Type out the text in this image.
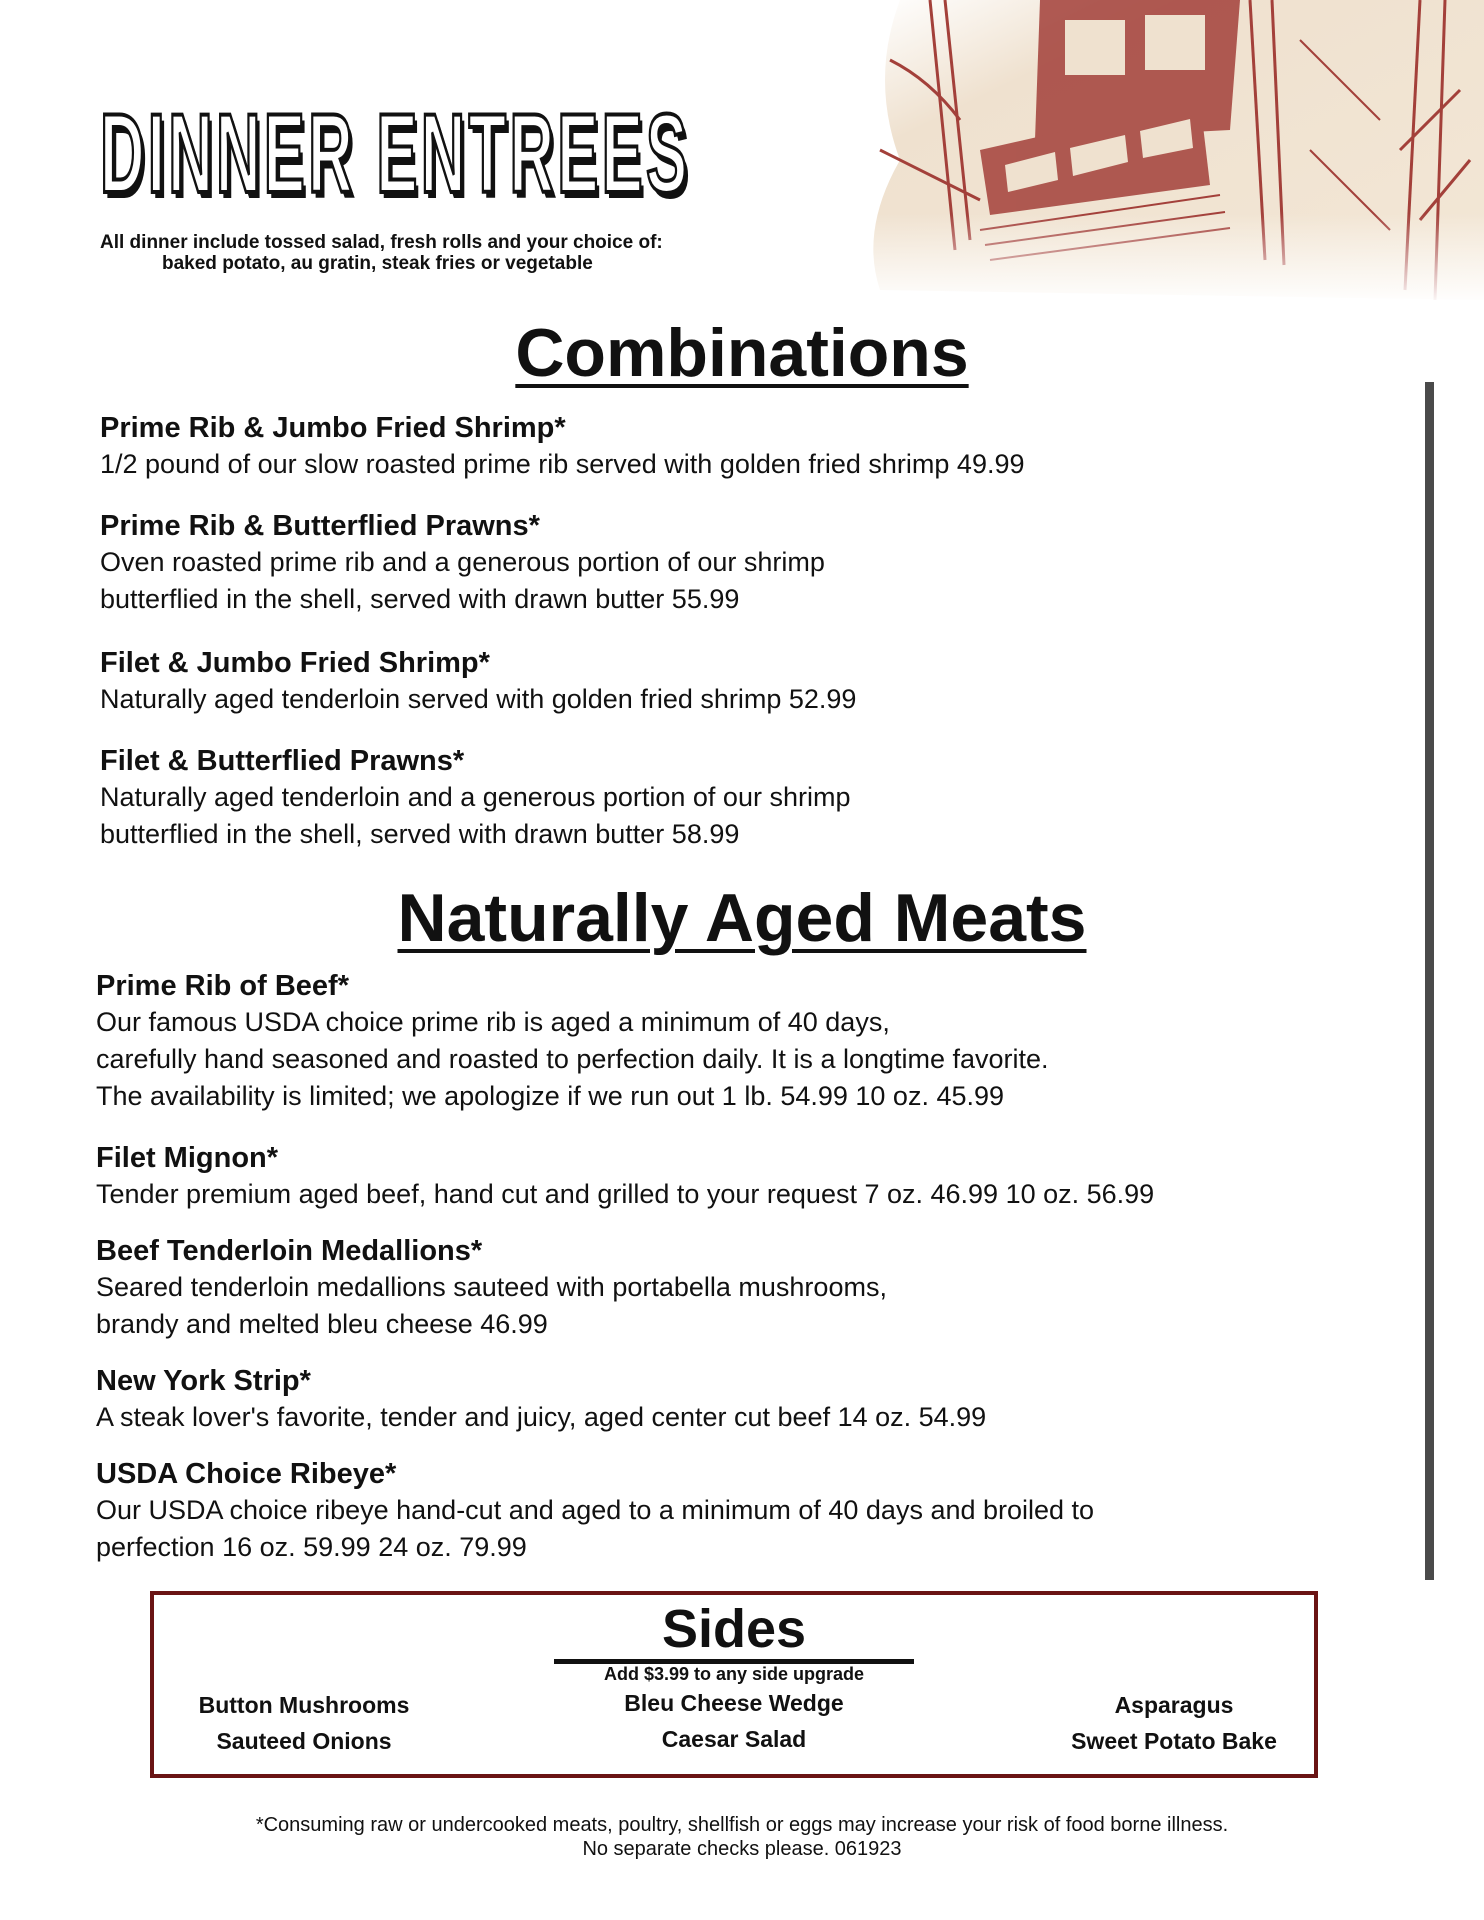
DINNER ENTREES
All dinner include tossed salad, fresh rolls and your choice of:
baked potato, au gratin, steak fries or vegetable
Combinations
Prime Rib & Jumbo Fried Shrimp*
1/2 pound of our slow roasted prime rib served with golden fried shrimp 49.99
Prime Rib & Butterflied Prawns*
Oven roasted prime rib and a generous portion of our shrimp
butterflied in the shell, served with drawn butter 55.99
Filet & Jumbo Fried Shrimp*
Naturally aged tenderloin served with golden fried shrimp 52.99
Filet & Butterflied Prawns*
Naturally aged tenderloin and a generous portion of our shrimp
butterflied in the shell, served with drawn butter 58.99
Naturally Aged Meats
Prime Rib of Beef*
Our famous USDA choice prime rib is aged a minimum of 40 days,
carefully hand seasoned and roasted to perfection daily. It is a longtime favorite.
The availability is limited; we apologize if we run out 1 lb. 54.99 10 oz. 45.99
Filet Mignon*
Tender premium aged beef, hand cut and grilled to your request 7 oz. 46.99 10 oz. 56.99
Beef Tenderloin Medallions*
Seared tenderloin medallions sauteed with portabella mushrooms,
brandy and melted bleu cheese 46.99
New York Strip*
A steak lover's favorite, tender and juicy, aged center cut beef 14 oz. 54.99
USDA Choice Ribeye*
Our USDA choice ribeye hand-cut and aged to a minimum of 40 days and broiled to
perfection 16 oz. 59.99 24 oz. 79.99
Sides
Add $3.99 to any side upgrade
Button Mushrooms
Sauteed Onions
Bleu Cheese Wedge
Caesar Salad
Asparagus
Sweet Potato Bake
*Consuming raw or undercooked meats, poultry, shellfish or eggs may increase your risk of food borne illness.
No separate checks please. 061923
